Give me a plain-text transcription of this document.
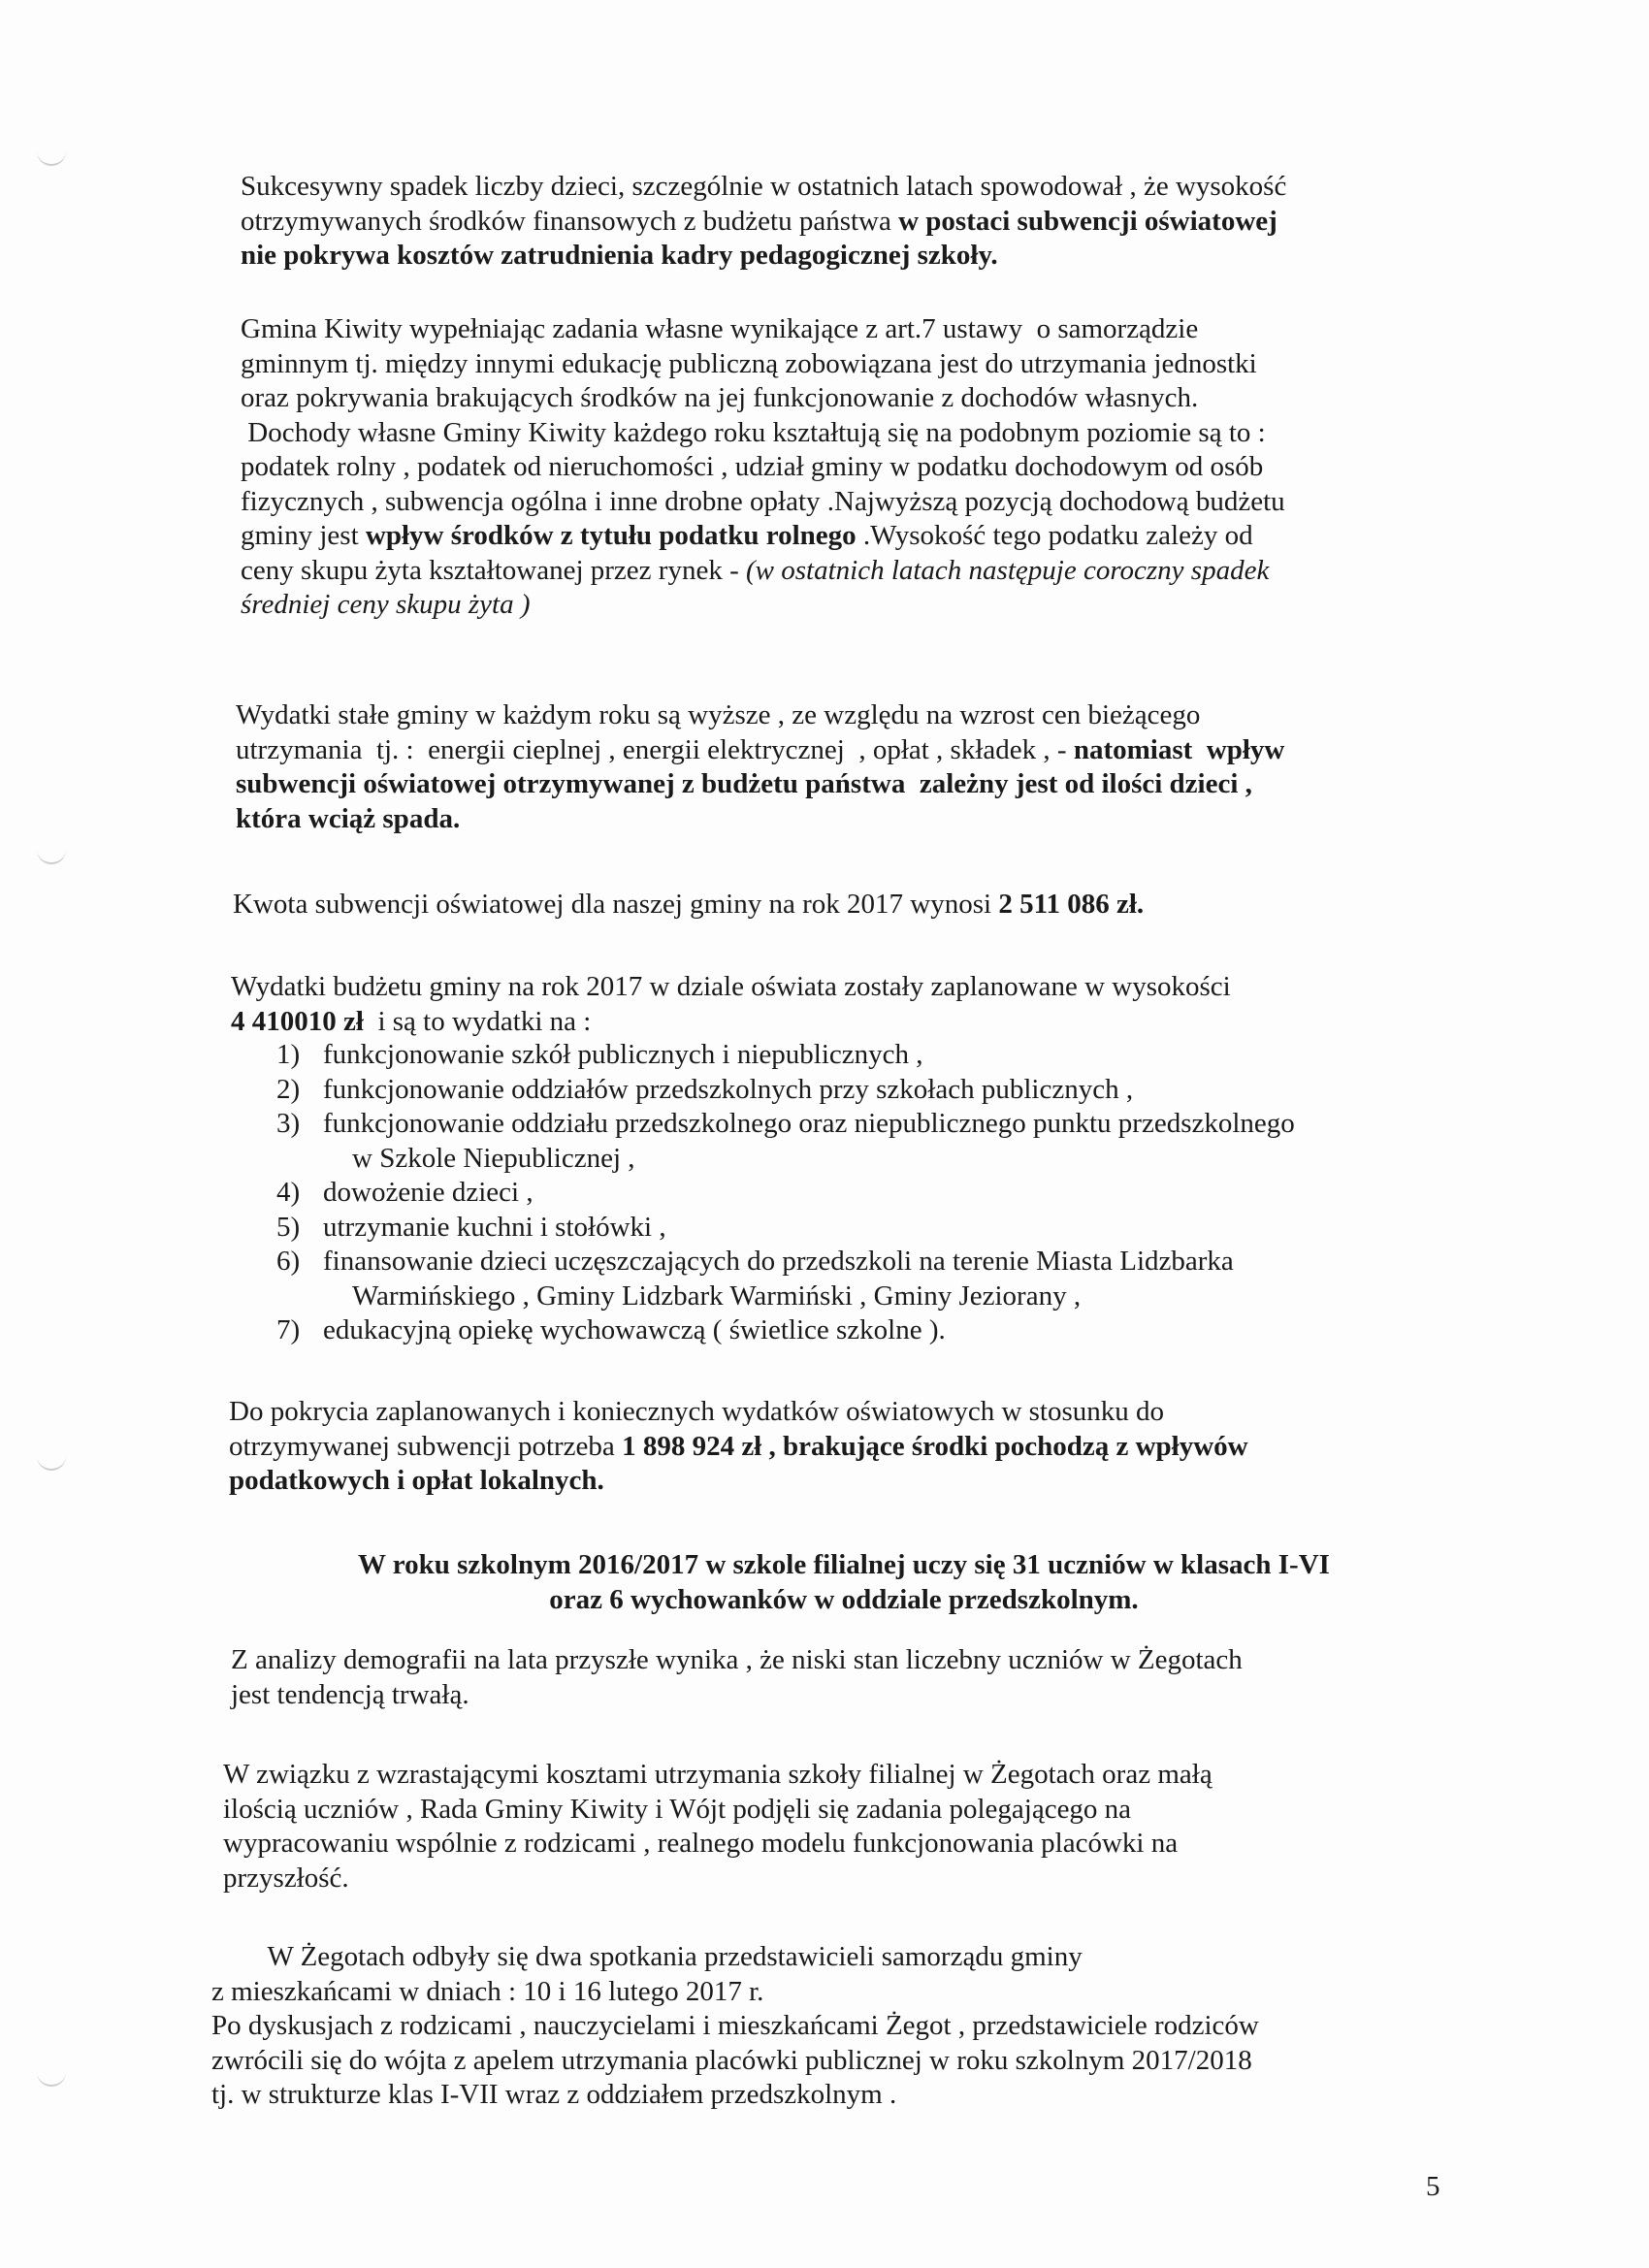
Sukcesywny spadek liczby dzieci, szczególnie w ostatnich latach spowodował , że wysokość
otrzymywanych środków finansowych z budżetu państwa w postaci subwencji oświatowej
nie pokrywa kosztów zatrudnienia kadry pedagogicznej szkoły.
Gmina Kiwity wypełniając zadania własne wynikające z art.7 ustawy  o samorządzie
gminnym tj. między innymi edukację publiczną zobowiązana jest do utrzymania jednostki
oraz pokrywania brakujących środków na jej funkcjonowanie z dochodów własnych.
Dochody własne Gminy Kiwity każdego roku kształtują się na podobnym poziomie są to :
podatek rolny , podatek od nieruchomości , udział gminy w podatku dochodowym od osób
fizycznych , subwencja ogólna i inne drobne opłaty .Najwyższą pozycją dochodową budżetu
gminy jest wpływ środków z tytułu podatku rolnego .Wysokość tego podatku zależy od
ceny skupu żyta kształtowanej przez rynek - (w ostatnich latach następuje coroczny spadek
średniej ceny skupu żyta )
Wydatki stałe gminy w każdym roku są wyższe , ze względu na wzrost cen bieżącego
utrzymania  tj. :  energii cieplnej , energii elektrycznej  , opłat , składek , - natomiast  wpływ
subwencji oświatowej otrzymywanej z budżetu państwa zależny jest od ilości dzieci ,
która wciąż spada.
Kwota subwencji oświatowej dla naszej gminy na rok 2017 wynosi 2 511 086 zł.
Wydatki budżetu gminy na rok 2017 w dziale oświata zostały zaplanowane w wysokości
4 410010 zł  i są to wydatki na :
1) funkcjonowanie szkół publicznych i niepublicznych ,
2) funkcjonowanie oddziałów przedszkolnych przy szkołach publicznych ,
3) funkcjonowanie oddziału przedszkolnego oraz niepublicznego punktu przedszkolnego
w Szkole Niepublicznej ,
4) dowożenie dzieci ,
5) utrzymanie kuchni i stołówki ,
6) finansowanie dzieci uczęszczających do przedszkoli na terenie Miasta Lidzbarka
Warmińskiego , Gminy Lidzbark Warmiński , Gminy Jeziorany ,
7) edukacyjną opiekę wychowawczą ( świetlice szkolne ).
Do pokrycia zaplanowanych i koniecznych wydatków oświatowych w stosunku do
otrzymywanej subwencji potrzeba 1 898 924 zł , brakujące środki pochodzą z wpływów
podatkowych i opłat lokalnych.
W roku szkolnym 2016/2017 w szkole filialnej uczy się 31 uczniów w klasach I-VI
oraz 6 wychowanków w oddziale przedszkolnym.
Z analizy demografii na lata przyszłe wynika , że niski stan liczebny uczniów w Żegotach
jest tendencją trwałą.
W związku z wzrastającymi kosztami utrzymania szkoły filialnej w Żegotach oraz małą
ilością uczniów , Rada Gminy Kiwity i Wójt podjęli się zadania polegającego na
wypracowaniu wspólnie z rodzicami , realnego modelu funkcjonowania placówki na
przyszłość.
W Żegotach odbyły się dwa spotkania przedstawicieli samorządu gminy
z mieszkańcami w dniach : 10 i 16 lutego 2017 r.
Po dyskusjach z rodzicami , nauczycielami i mieszkańcami Żegot , przedstawiciele rodziców
zwrócili się do wójta z apelem utrzymania placówki publicznej w roku szkolnym 2017/2018
tj. w strukturze klas I-VII wraz z oddziałem przedszkolnym .
5
